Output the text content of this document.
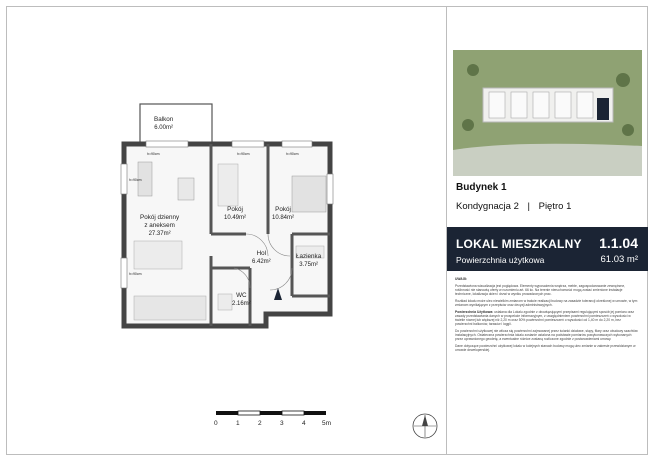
Balkon
6.00m²

Pokój dzienny
z aneksem
27.37m²

Pokój
10.49m²
Pokój
10.84m²
Hol
6.42m²
Łazienka
3.75m²
WC
2.16m²
h=90cm	h=90cm	h=90cm
h=90cm
h=90cm
0	1	2	3	4	5m
Budynek 1
Kondygnacja 2 | Piętro 1
LOKAL MIESZKALNY
Powierzchnia użytkowa
1.1.04
61.03 m²

UWAGI:

Przedstawiona wizualizacja jest poglądowa. Elementy wyposażenia wnętrza, meble, zagospodarowanie zewnętrzne, roślinność nie stanowią oferty w rozumieniu art. 66 kc. Na terenie nieruchomości mogą zostać zmienione instalacje techniczne, lokalizacja okien i drzwi w wyniku prowadzonych prac.

Rozkład lokalu może ulec niewielkim zmianom w trakcie realizacji budowy na zasadzie tolerancji określonej w umowie, w tym zmianom wynikającym z przepisów oraz decyzji administracyjnych.

Powierzchnia Użytkowa: ustalana dla Lokalu zgodnie z obowiązującymi przepisami regulującymi sposób jej pomiaru oraz zasady przedstawiania danych w prospekcie informacyjnym, z uwzględnieniem powierzchni pomieszczeń o wysokości w świetle równej lub większej niż 2,20 m oraz 50% powierzchni pomieszczeń o wysokości od 1,40 m do 2,20 m, bez powierzchni balkonów, tarasów i loggii.

Do powierzchni użytkowej nie wlicza się powierzchni zajmowanej przez ścianki działowe, słupy, filary oraz obudowy szachtów instalacyjnych. Ostateczna powierzchnia lokalu zostanie ustalona na podstawie pomiarów powykonawczych wykonanych przez uprawnionego geodetę, a ewentualne różnice zostaną rozliczone zgodnie z postanowieniami umowy.

Dane dotyczące powierzchni użytkowej lokalu w kolejnych stanach budowy mogą ulec zmianie w zakresie przewidzianym w umowie deweloperskiej.
